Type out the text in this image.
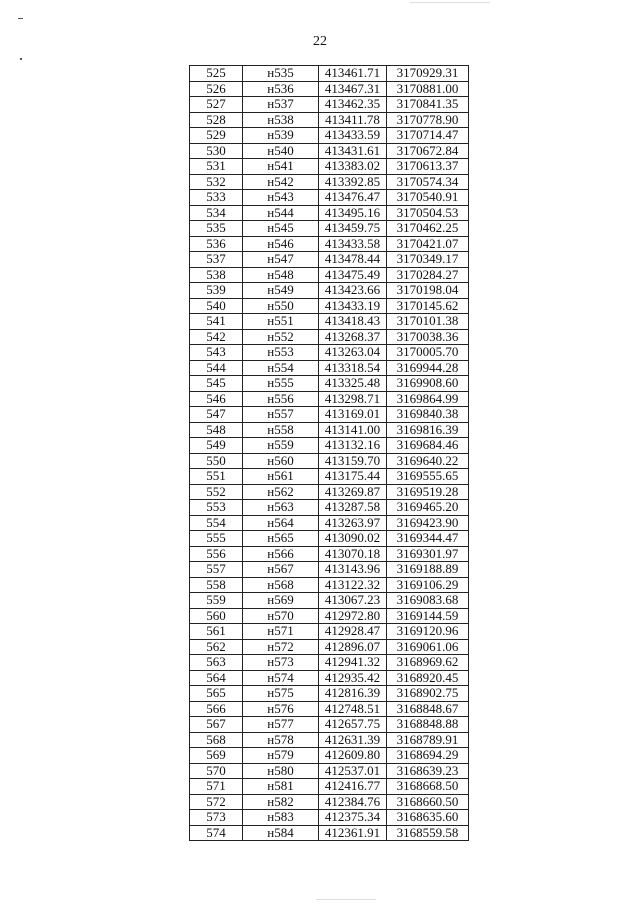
22
525	н535	413461.71	3170929.31
526	н536	413467.31	3170881.00
527	н537	413462.35	3170841.35
528	н538	413411.78	3170778.90
529	н539	413433.59	3170714.47
530	н540	413431.61	3170672.84
531	н541	413383.02	3170613.37
532	н542	413392.85	3170574.34
533	н543	413476.47	3170540.91
534	н544	413495.16	3170504.53
535	н545	413459.75	3170462.25
536	н546	413433.58	3170421.07
537	н547	413478.44	3170349.17
538	н548	413475.49	3170284.27
539	н549	413423.66	3170198.04
540	н550	413433.19	3170145.62
541	н551	413418.43	3170101.38
542	н552	413268.37	3170038.36
543	н553	413263.04	3170005.70
544	н554	413318.54	3169944.28
545	н555	413325.48	3169908.60
546	н556	413298.71	3169864.99
547	н557	413169.01	3169840.38
548	н558	413141.00	3169816.39
549	н559	413132.16	3169684.46
550	н560	413159.70	3169640.22
551	н561	413175.44	3169555.65
552	н562	413269.87	3169519.28
553	н563	413287.58	3169465.20
554	н564	413263.97	3169423.90
555	н565	413090.02	3169344.47
556	н566	413070.18	3169301.97
557	н567	413143.96	3169188.89
558	н568	413122.32	3169106.29
559	н569	413067.23	3169083.68
560	н570	412972.80	3169144.59
561	н571	412928.47	3169120.96
562	н572	412896.07	3169061.06
563	н573	412941.32	3168969.62
564	н574	412935.42	3168920.45
565	н575	412816.39	3168902.75
566	н576	412748.51	3168848.67
567	н577	412657.75	3168848.88
568	н578	412631.39	3168789.91
569	н579	412609.80	3168694.29
570	н580	412537.01	3168639.23
571	н581	412416.77	3168668.50
572	н582	412384.76	3168660.50
573	н583	412375.34	3168635.60
574	н584	412361.91	3168559.58
